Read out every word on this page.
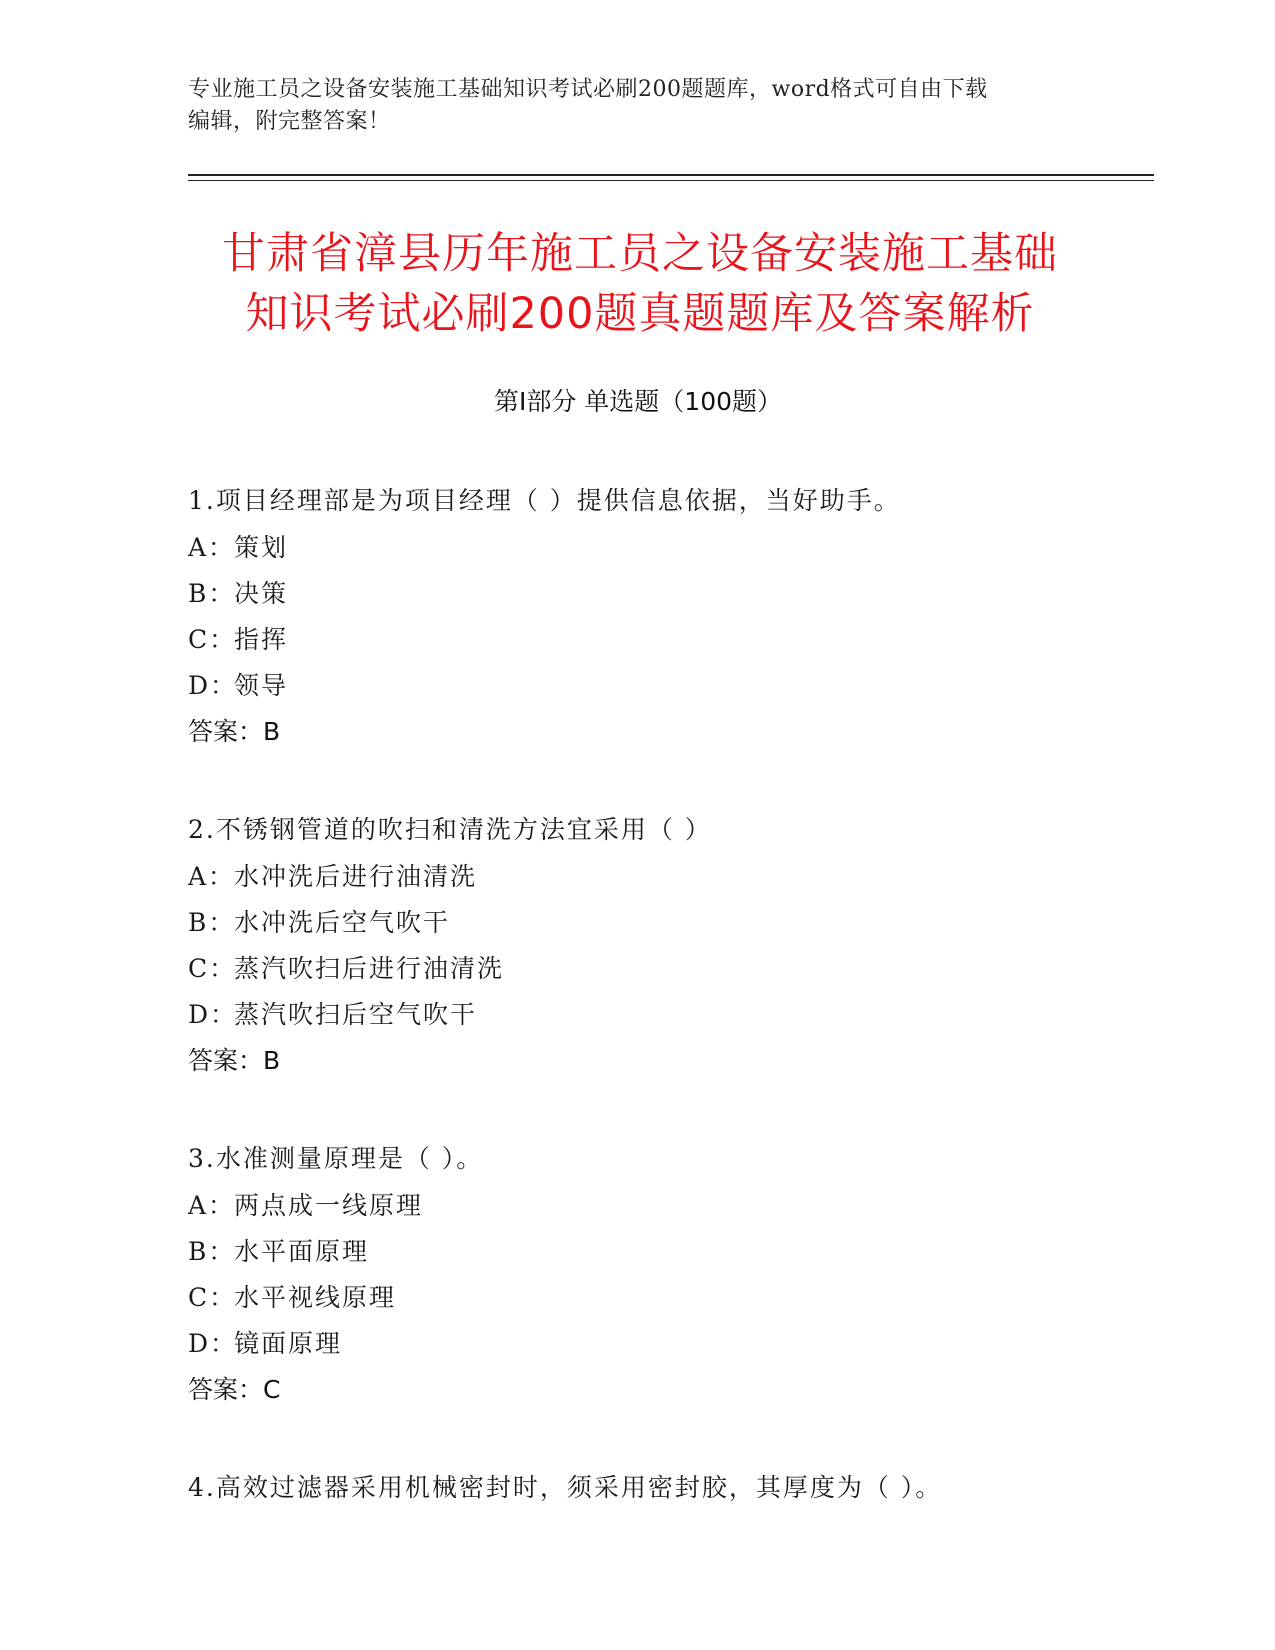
专业施工员之设备安装施工基础知识考试必刷200题题库，word格式可自由下载
编辑，附完整答案！
甘肃省漳县历年施工员之设备安装施工基础
知识考试必刷200题真题题库及答案解析
第Ⅰ部分 单选题（100题）
1.项目经理部是为项目经理（ ）提供信息依据，当好助手。
A：策划
B：决策
C：指挥
D：领导
答案：B
2.不锈钢管道的吹扫和清洗方法宜采用（ ）
A：水冲洗后进行油清洗
B：水冲洗后空气吹干
C：蒸汽吹扫后进行油清洗
D：蒸汽吹扫后空气吹干
答案：B
3.水准测量原理是（ ）。
A：两点成一线原理
B：水平面原理
C：水平视线原理
D：镜面原理
答案：C
4.高效过滤器采用机械密封时，须采用密封胶，其厚度为（ ）。
